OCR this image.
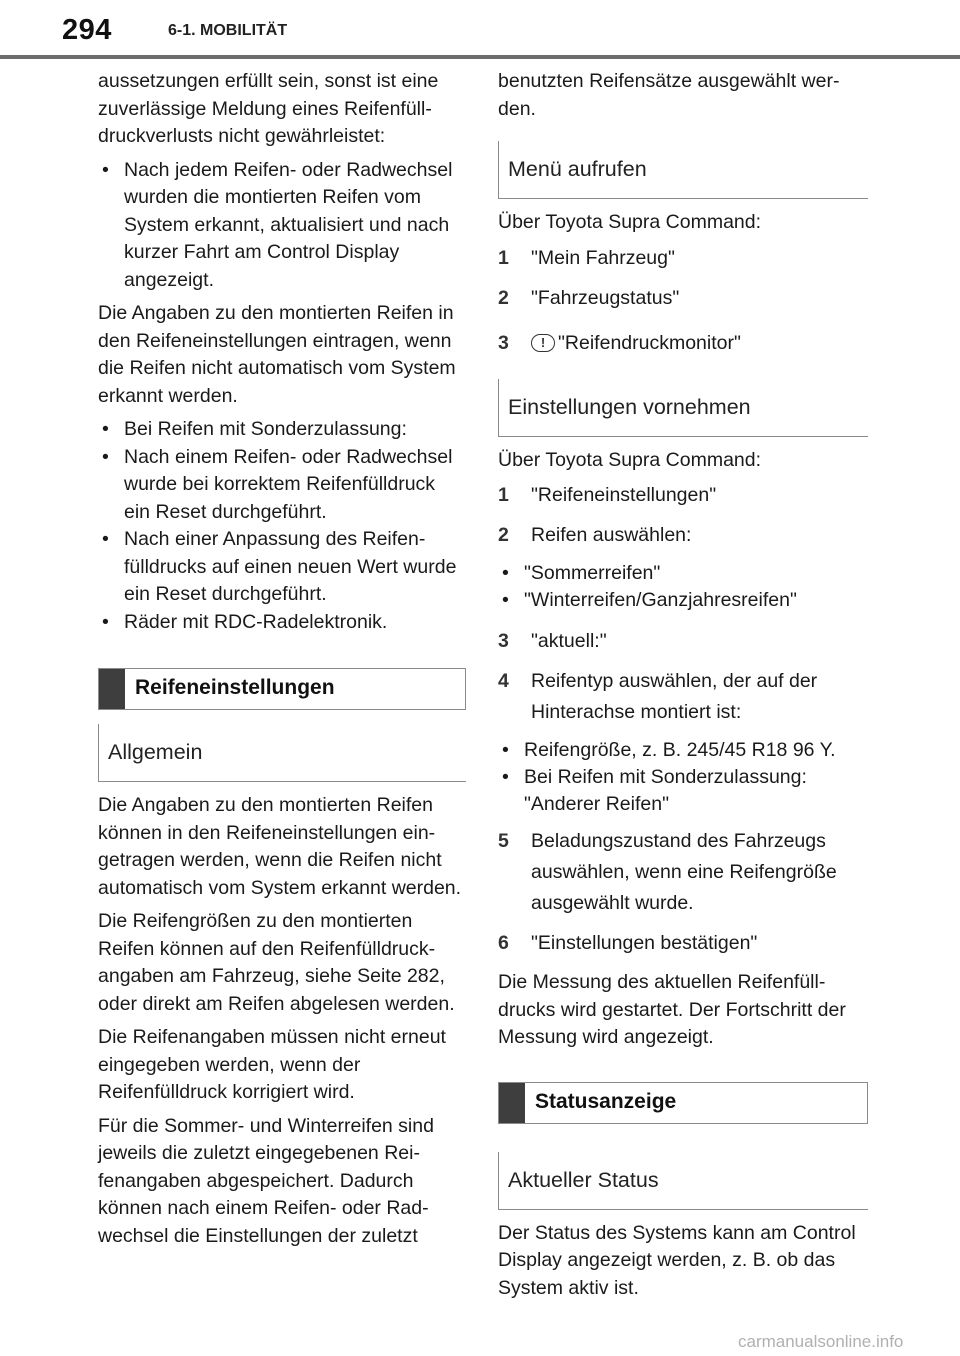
294	6-1. MOBILITÄT

aussetzungen erfüllt sein, sonst ist eine zuverlässige Meldung eines Reifenfülldruckverlusts nicht gewährleistet:

• Nach jedem Reifen- oder Radwechsel wurden die montierten Reifen vom System erkannt, aktualisiert und nach kurzer Fahrt am Control Display angezeigt.

Die Angaben zu den montierten Reifen in den Reifeneinstellungen eintragen, wenn die Reifen nicht automatisch vom System erkannt werden.

• Bei Reifen mit Sonderzulassung:
• Nach einem Reifen- oder Radwechsel wurde bei korrektem Reifenfülldruck ein Reset durchgeführt.
• Nach einer Anpassung des Reifenfülldrucks auf einen neuen Wert wurde ein Reset durchgeführt.
• Räder mit RDC-Radelektronik.
Reifeneinstellungen
Allgemein

Die Angaben zu den montierten Reifen können in den Reifeneinstellungen eingetragen werden, wenn die Reifen nicht automatisch vom System erkannt werden.

Die Reifengrößen zu den montierten Reifen können auf den Reifenfülldruckangaben am Fahrzeug, siehe Seite 282, oder direkt am Reifen abgelesen werden.

Die Reifenangaben müssen nicht erneut eingegeben werden, wenn der Reifenfülldruck korrigiert wird.

Für die Sommer- und Winterreifen sind jeweils die zuletzt eingegebenen Reifenangaben abgespeichert. Dadurch können nach einem Reifen- oder Radwechsel die Einstellungen der zuletzt

benutzten Reifensätze ausgewählt werden.

Menü aufrufen

Über Toyota Supra Command:

1 "Mein Fahrzeug"
2 "Fahrzeugstatus"
3 ! "Reifendruckmonitor"
Einstellungen vornehmen

Über Toyota Supra Command:

1 "Reifeneinstellungen"
2 Reifen auswählen:
• "Sommerreifen"
• "Winterreifen/Ganzjahresreifen"
3 "aktuell:"
4 Reifentyp auswählen, der auf der Hinterachse montiert ist:
• Reifengröße, z. B. 245/45 R18 96 Y.
• Bei Reifen mit Sonderzulassung: "Anderer Reifen"
5 Beladungszustand des Fahrzeugs auswählen, wenn eine Reifengröße ausgewählt wurde.
6 "Einstellungen bestätigen"

Die Messung des aktuellen Reifenfülldrucks wird gestartet. Der Fortschritt der Messung wird angezeigt.

Statusanzeige
Aktueller Status

Der Status des Systems kann am Control Display angezeigt werden, z. B. ob das System aktiv ist.

carmanualsonline.info
